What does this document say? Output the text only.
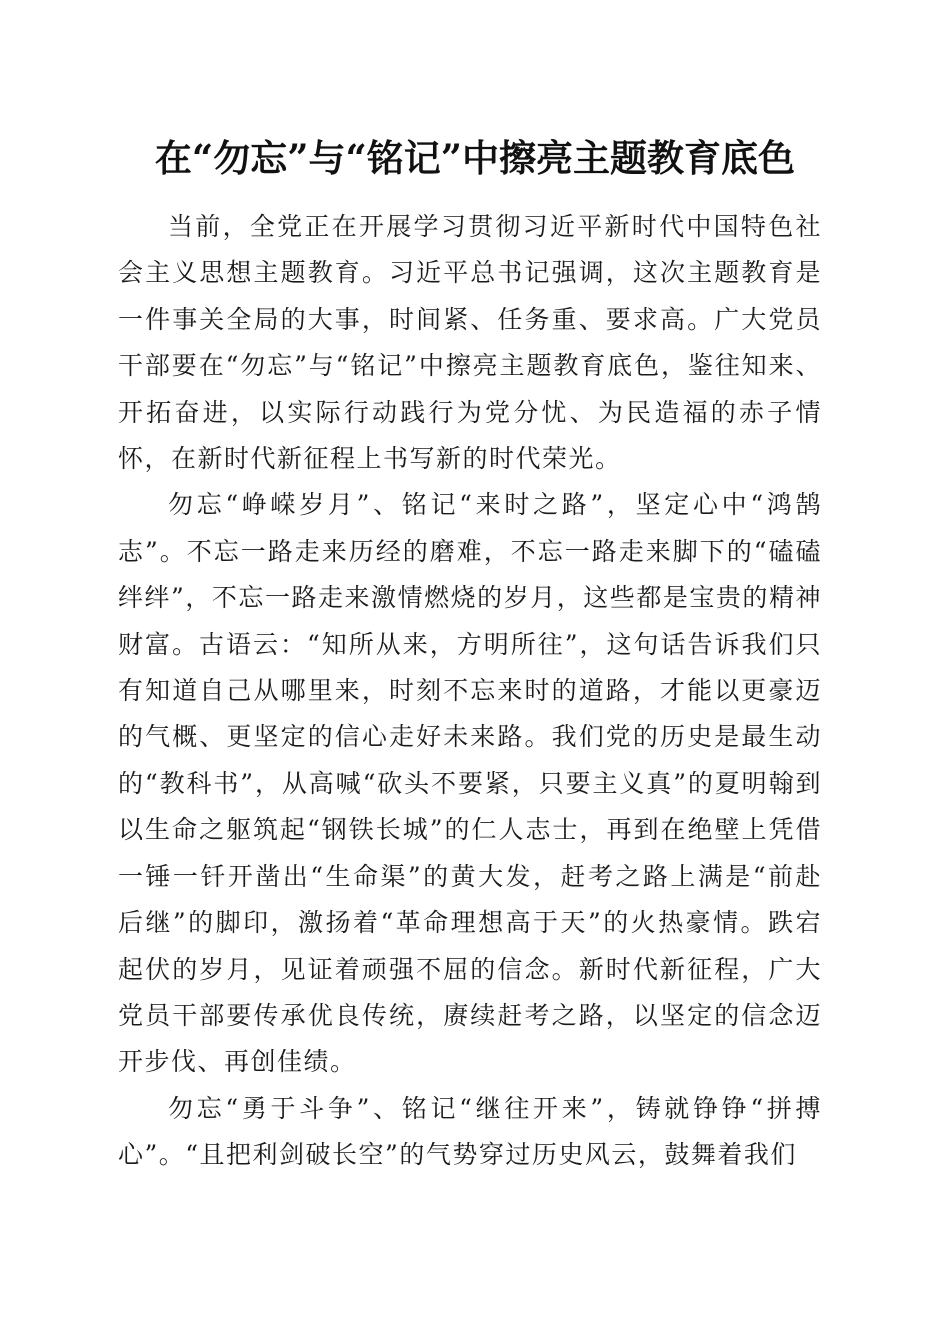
在“勿忘”与“铭记”中擦亮主题教育底色

当前，全党正在开展学习贯彻习近平新时代中国特色社会主义思想主题教育。习近平总书记强调，这次主题教育是一件事关全局的大事，时间紧、任务重、要求高。广大党员干部要在“勿忘”与“铭记”中擦亮主题教育底色，鉴往知来、开拓奋进，以实际行动践行为党分忧、为民造福的赤子情怀，在新时代新征程上书写新的时代荣光。

勿忘“峥嵘岁月”、铭记“来时之路”，坚定心中“鸿鹄志”。不忘一路走来历经的磨难，不忘一路走来脚下的“磕磕绊绊”，不忘一路走来激情燃烧的岁月，这些都是宝贵的精神财富。古语云：“知所从来，方明所往”，这句话告诉我们只有知道自己从哪里来，时刻不忘来时的道路，才能以更豪迈的气概、更坚定的信心走好未来路。我们党的历史是最生动的“教科书”，从高喊“砍头不要紧，只要主义真”的夏明翰到以生命之躯筑起“钢铁长城”的仁人志士，再到在绝壁上凭借一锤一钎开凿出“生命渠”的黄大发，赶考之路上满是“前赴后继”的脚印，激扬着“革命理想高于天”的火热豪情。跌宕起伏的岁月，见证着顽强不屈的信念。新时代新征程，广大党员干部要传承优良传统，赓续赶考之路，以坚定的信念迈开步伐、再创佳绩。

勿忘“勇于斗争”、铭记“继往开来”，铸就铮铮“拼搏心”。“且把利剑破长空”的气势穿过历史风云，鼓舞着我们
